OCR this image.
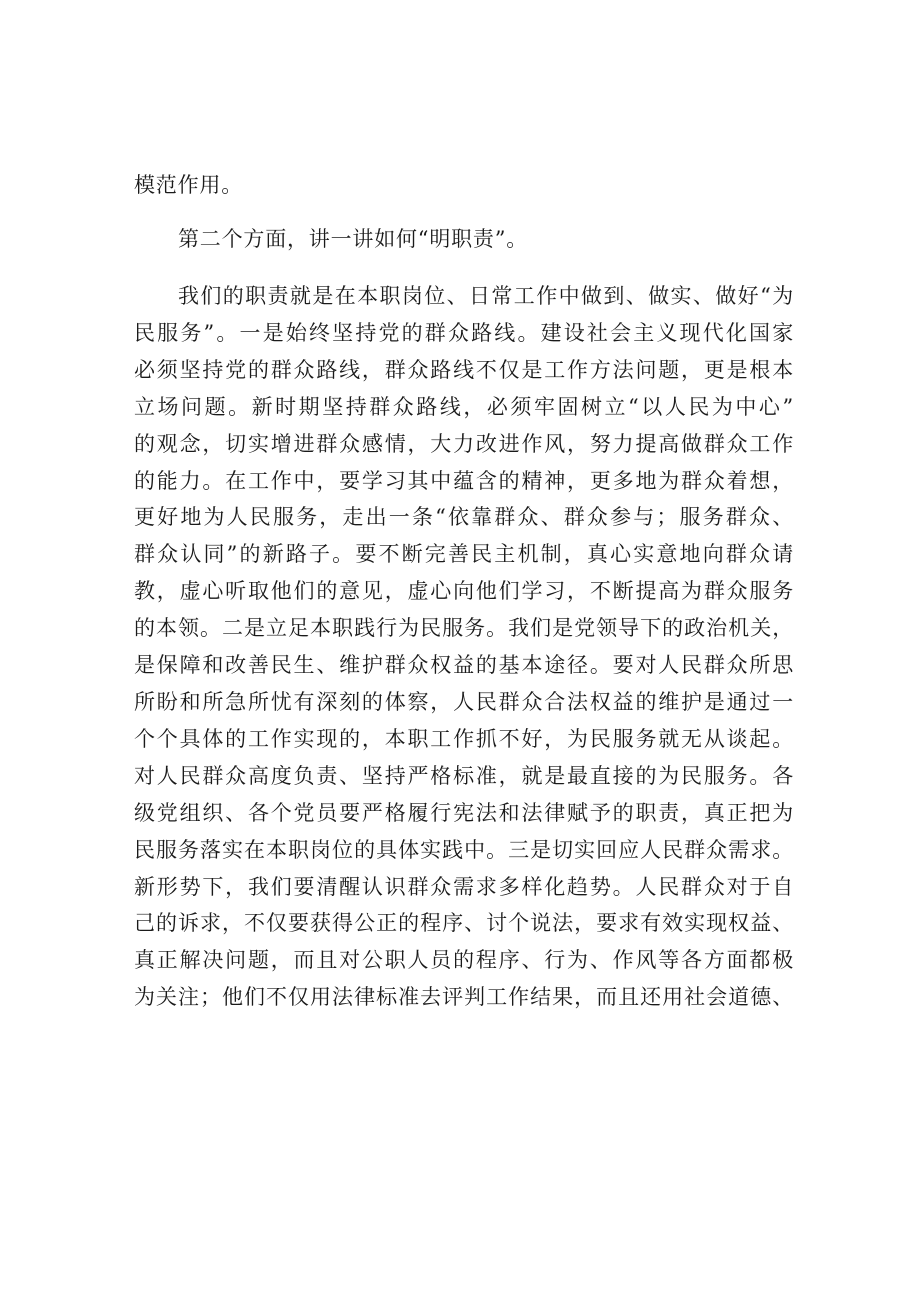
模范作用。
第二个方面，讲一讲如何“明职责”。
我们的职责就是在本职岗位、日常工作中做到、做实、做好“为
民服务”。一是始终坚持党的群众路线。建设社会主义现代化国家
必须坚持党的群众路线，群众路线不仅是工作方法问题，更是根本
立场问题。新时期坚持群众路线，必须牢固树立“以人民为中心”
的观念，切实增进群众感情，大力改进作风，努力提高做群众工作
的能力。在工作中，要学习其中蕴含的精神，更多地为群众着想，
更好地为人民服务，走出一条“依靠群众、群众参与；服务群众、
群众认同”的新路子。要不断完善民主机制，真心实意地向群众请
教，虚心听取他们的意见，虚心向他们学习，不断提高为群众服务
的本领。二是立足本职践行为民服务。我们是党领导下的政治机关，
是保障和改善民生、维护群众权益的基本途径。要对人民群众所思
所盼和所急所忧有深刻的体察，人民群众合法权益的维护是通过一
个个具体的工作实现的，本职工作抓不好，为民服务就无从谈起。
对人民群众高度负责、坚持严格标准，就是最直接的为民服务。各
级党组织、各个党员要严格履行宪法和法律赋予的职责，真正把为
民服务落实在本职岗位的具体实践中。三是切实回应人民群众需求。
新形势下，我们要清醒认识群众需求多样化趋势。人民群众对于自
己的诉求，不仅要获得公正的程序、讨个说法，要求有效实现权益、
真正解决问题，而且对公职人员的程序、行为、作风等各方面都极
为关注；他们不仅用法律标准去评判工作结果，而且还用社会道德、
